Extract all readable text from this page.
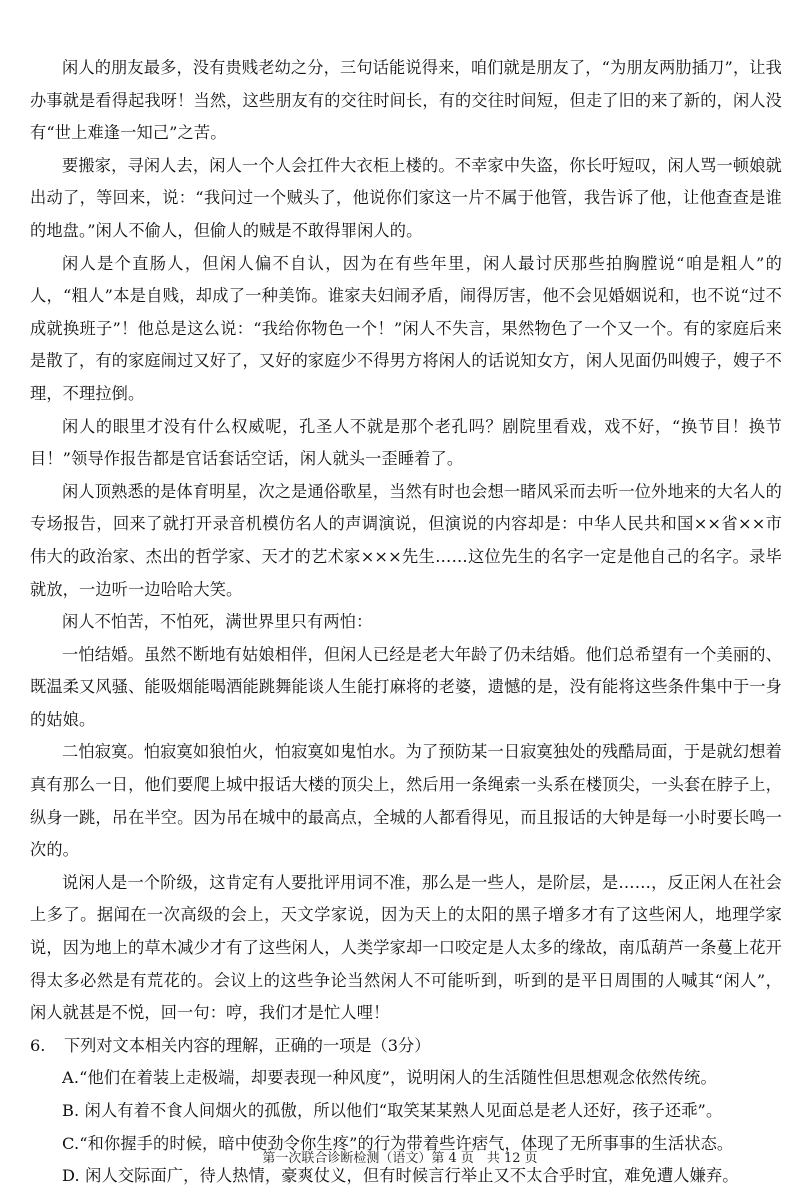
闲人的朋友最多，没有贵贱老幼之分，三句话能说得来，咱们就是朋友了，“为朋友两肋插刀”，让我办事就是看得起我呀！当然，这些朋友有的交往时间长，有的交往时间短，但走了旧的来了新的，闲人没有“世上难逢一知己”之苦。

要搬家，寻闲人去，闲人一个人会扛件大衣柜上楼的。不幸家中失盗，你长吁短叹，闲人骂一顿娘就出动了，等回来，说：“我问过一个贼头了，他说你们家这一片不属于他管，我告诉了他，让他查查是谁的地盘。”闲人不偷人，但偷人的贼是不敢得罪闲人的。

闲人是个直肠人，但闲人偏不自认，因为在有些年里，闲人最讨厌那些拍胸膛说“咱是粗人”的人，“粗人”本是自贱，却成了一种美饰。谁家夫妇闹矛盾，闹得厉害，他不会见婚姻说和，也不说“过不成就换班子”！他总是这么说：“我给你物色一个！”闲人不失言，果然物色了一个又一个。有的家庭后来是散了，有的家庭闹过又好了，又好的家庭少不得男方将闲人的话说知女方，闲人见面仍叫嫂子，嫂子不理，不理拉倒。

闲人的眼里才没有什么权威呢，孔圣人不就是那个老孔吗？剧院里看戏，戏不好，“换节目！换节目！”领导作报告都是官话套话空话，闲人就头一歪睡着了。

闲人顶熟悉的是体育明星，次之是通俗歌星，当然有时也会想一睹风采而去听一位外地来的大名人的专场报告，回来了就打开录音机模仿名人的声调演说，但演说的内容却是：中华人民共和国××省××市伟大的政治家、杰出的哲学家、天才的艺术家×××先生……这位先生的名字一定是他自己的名字。录毕就放，一边听一边哈哈大笑。

闲人不怕苦，不怕死，满世界里只有两怕：

一怕结婚。虽然不断地有姑娘相伴，但闲人已经是老大年龄了仍未结婚。他们总希望有一个美丽的、既温柔又风骚、能吸烟能喝酒能跳舞能谈人生能打麻将的老婆，遗憾的是，没有能将这些条件集中于一身的姑娘。

二怕寂寞。怕寂寞如狼怕火，怕寂寞如鬼怕水。为了预防某一日寂寞独处的残酷局面，于是就幻想着真有那么一日，他们要爬上城中报话大楼的顶尖上，然后用一条绳索一头系在楼顶尖，一头套在脖子上，纵身一跳，吊在半空。因为吊在城中的最高点，全城的人都看得见，而且报话的大钟是每一小时要长鸣一次的。

说闲人是一个阶级，这肯定有人要批评用词不准，那么是一些人，是阶层，是……，反正闲人在社会上多了。据闻在一次高级的会上，天文学家说，因为天上的太阳的黑子增多才有了这些闲人，地理学家说，因为地上的草木减少才有了这些闲人，人类学家却一口咬定是人太多的缘故，南瓜葫芦一条蔓上花开得太多必然是有荒花的。会议上的这些争论当然闲人不可能听到，听到的是平日周围的人喊其“闲人”，闲人就甚是不悦，回一句：哼，我们才是忙人哩！

6. 下列对文本相关内容的理解，正确的一项是（3分）

A.“他们在着装上走极端，却要表现一种风度”，说明闲人的生活随性但思想观念依然传统。

B. 闲人有着不食人间烟火的孤傲，所以他们“取笑某某熟人见面总是老人还好，孩子还乖”。

C.“和你握手的时候，暗中使劲令你生疼”的行为带着些许痞气，体现了无所事事的生活状态。

D. 闲人交际面广，待人热情，豪爽仗义，但有时候言行举止又不太合乎时宜，难免遭人嫌弃。

第一次联合诊断检测（语文）第 4 页　共 12 页
